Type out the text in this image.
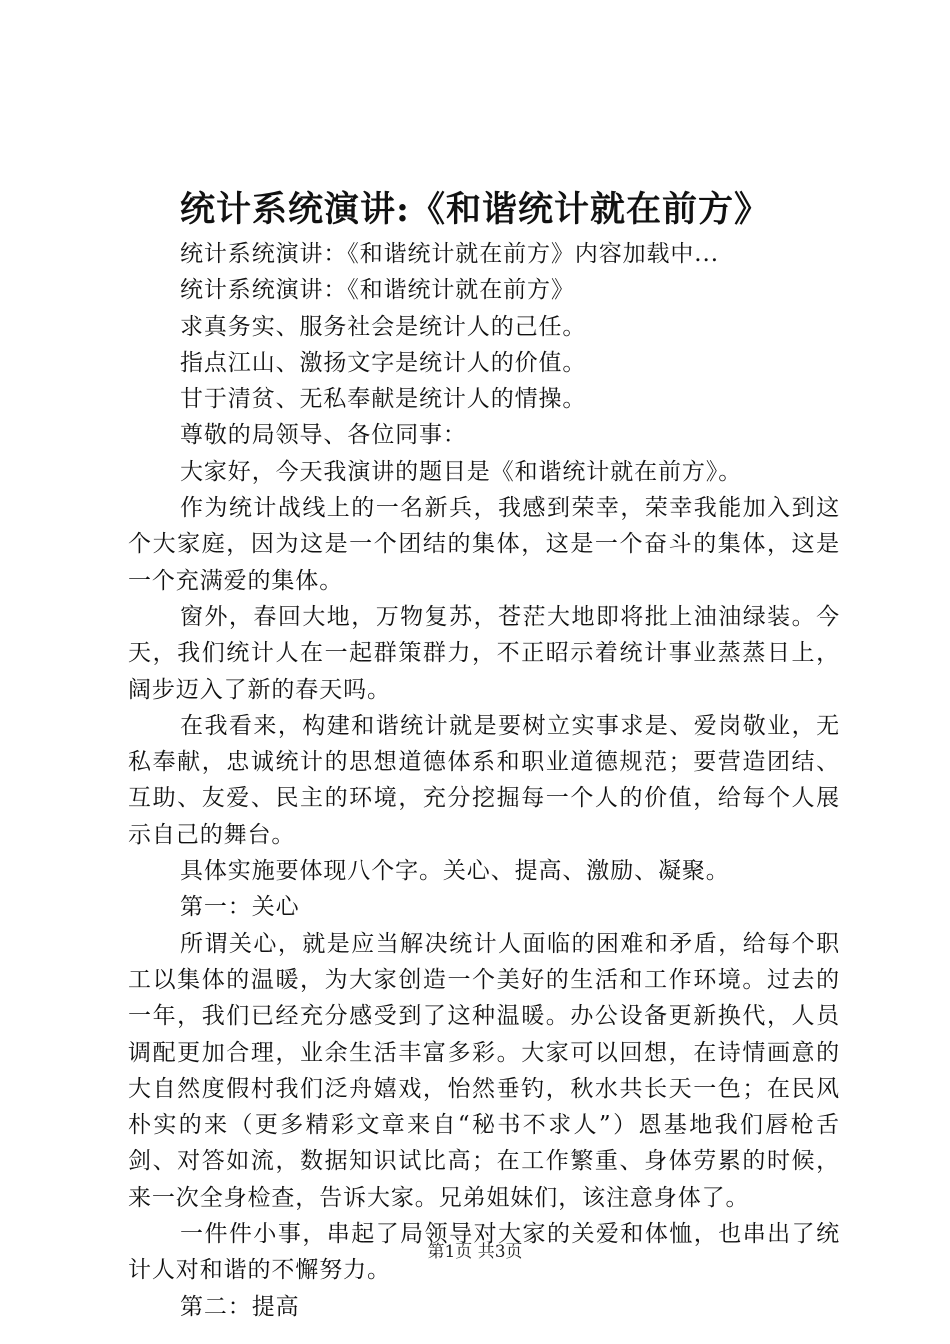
统计系统演讲:《和谐统计就在前方》

统计系统演讲：《和谐统计就在前方》内容加载中...

统计系统演讲：《和谐统计就在前方》

求真务实、服务社会是统计人的己任。

指点江山、激扬文字是统计人的价值。

甘于清贫、无私奉献是统计人的情操。

尊敬的局领导、各位同事：

大家好，今天我演讲的题目是《和谐统计就在前方》。

作为统计战线上的一名新兵，我感到荣幸，荣幸我能加入到这个大家庭，因为这是一个团结的集体，这是一个奋斗的集体，这是一个充满爱的集体。

窗外，春回大地，万物复苏，苍茫大地即将批上油油绿装。今天，我们统计人在一起群策群力，不正昭示着统计事业蒸蒸日上，阔步迈入了新的春天吗。

在我看来，构建和谐统计就是要树立实事求是、爱岗敬业，无私奉献，忠诚统计的思想道德体系和职业道德规范；要营造团结、互助、友爱、民主的环境，充分挖掘每一个人的价值，给每个人展示自己的舞台。

具体实施要体现八个字。关心、提高、激励、凝聚。

第一：关心

所谓关心，就是应当解决统计人面临的困难和矛盾，给每个职工以集体的温暖，为大家创造一个美好的生活和工作环境。过去的一年，我们已经充分感受到了这种温暖。办公设备更新换代，人员调配更加合理，业余生活丰富多彩。大家可以回想，在诗情画意的大自然度假村我们泛舟嬉戏，怡然垂钓，秋水共长天一色；在民风朴实的来（更多精彩文章来自“秘书不求人”）恩基地我们唇枪舌剑、对答如流，数据知识试比高；在工作繁重、身体劳累的时候，来一次全身检查，告诉大家。兄弟姐妹们，该注意身体了。

一件件小事，串起了局领导对大家的关爱和体恤，也串出了统计人对和谐的不懈努力。

第二：提高

第1页 共3页
